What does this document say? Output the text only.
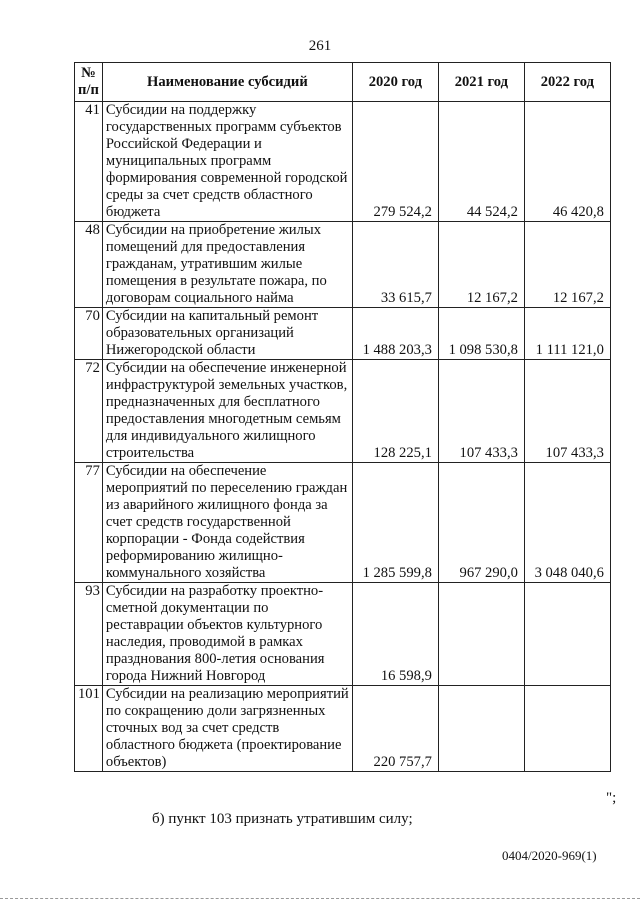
261
№ п/п	Наименование субсидий	2020 год	2021 год	2022 год
41	Субсидии на поддержку государственных программ субъектов Российской Федерации и муниципальных программ формирования современной городской среды за счет средств областного бюджета	279 524,2	44 524,2	46 420,8
48	Субсидии на приобретение жилых помещений для предоставления гражданам, утратившим жилые помещения в результате пожара, по договорам социального найма	33 615,7	12 167,2	12 167,2
70	Субсидии на капитальный ремонт образовательных организаций Нижегородской области	1 488 203,3	1 098 530,8	1 111 121,0
72	Субсидии на обеспечение инженерной инфраструктурой земельных участков, предназначенных для бесплатного предоставления многодетным семьям для индивидуального жилищного строительства	128 225,1	107 433,3	107 433,3
77	Субсидии на обеспечение мероприятий по переселению граждан из аварийного жилищного фонда за счет средств государственной корпорации - Фонда содействия реформированию жилищно-коммунального хозяйства	1 285 599,8	967 290,0	3 048 040,6
93	Субсидии на разработку проектно-сметной документации по реставрации объектов культурного наследия, проводимой в рамках празднования 800-летия основания города Нижний Новгород	16 598,9		
101	Субсидии на реализацию мероприятий по сокращению доли загрязненных сточных вод за счет средств областного бюджета (проектирование объектов)	220 757,7		
";
б) пункт 103 признать утратившим силу;
0404/2020-969(1)
